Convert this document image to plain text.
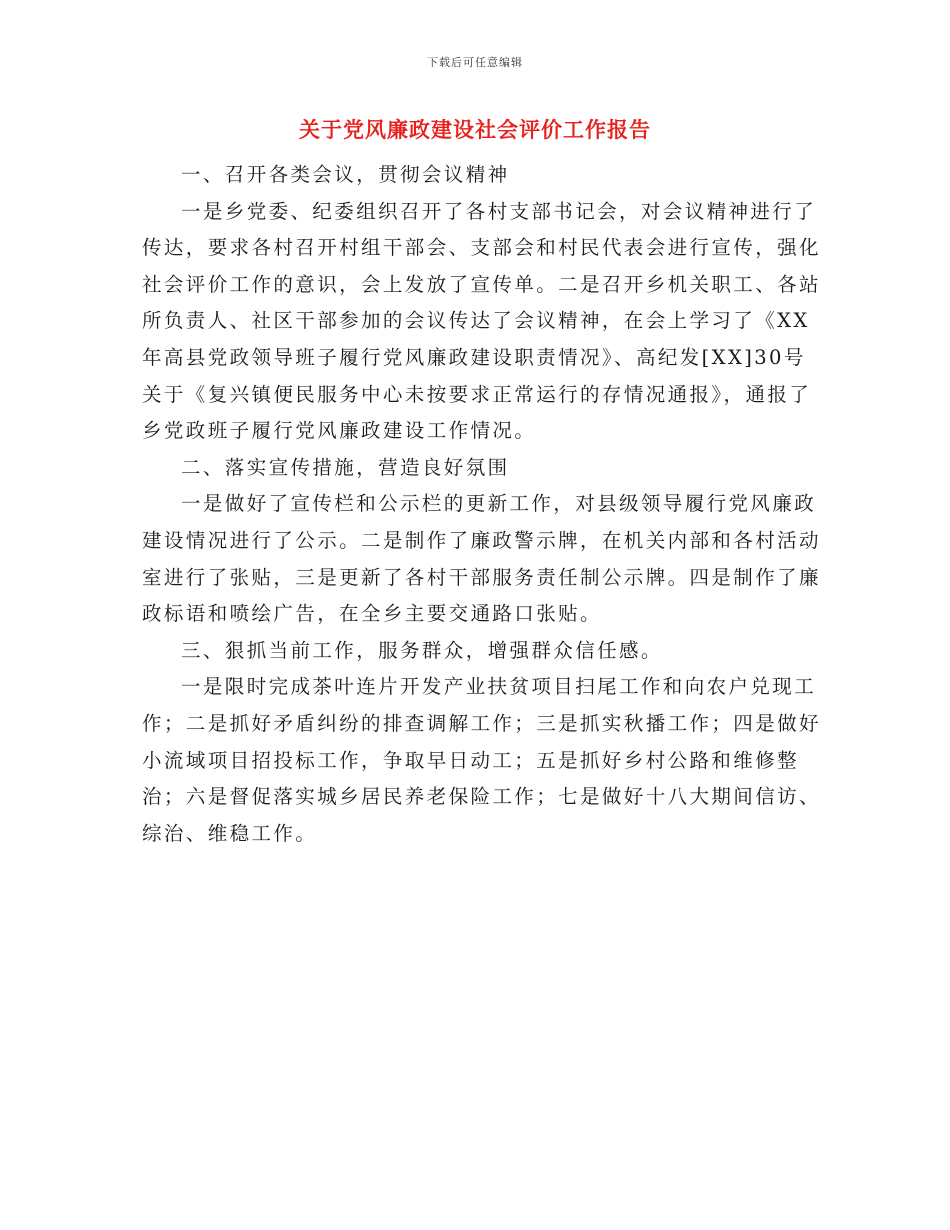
下载后可任意编辑
关于党风廉政建设社会评价工作报告

一、召开各类会议，贯彻会议精神

一是乡党委、纪委组织召开了各村支部书记会，对会议精神进行了传达，要求各村召开村组干部会、支部会和村民代表会进行宣传，强化社会评价工作的意识，会上发放了宣传单。二是召开乡机关职工、各站所负责人、社区干部参加的会议传达了会议精神，在会上学习了《XX年高县党政领导班子履行党风廉政建设职责情况》、高纪发[XX]30号关于《复兴镇便民服务中心未按要求正常运行的存情况通报》，通报了乡党政班子履行党风廉政建设工作情况。

二、落实宣传措施，营造良好氛围

一是做好了宣传栏和公示栏的更新工作，对县级领导履行党风廉政建设情况进行了公示。二是制作了廉政警示牌，在机关内部和各村活动室进行了张贴，三是更新了各村干部服务责任制公示牌。四是制作了廉政标语和喷绘广告，在全乡主要交通路口张贴。

三、狠抓当前工作，服务群众，增强群众信任感。

一是限时完成茶叶连片开发产业扶贫项目扫尾工作和向农户兑现工作；二是抓好矛盾纠纷的排查调解工作；三是抓实秋播工作；四是做好小流域项目招投标工作，争取早日动工；五是抓好乡村公路和维修整治；六是督促落实城乡居民养老保险工作；七是做好十八大期间信访、综治、维稳工作。
